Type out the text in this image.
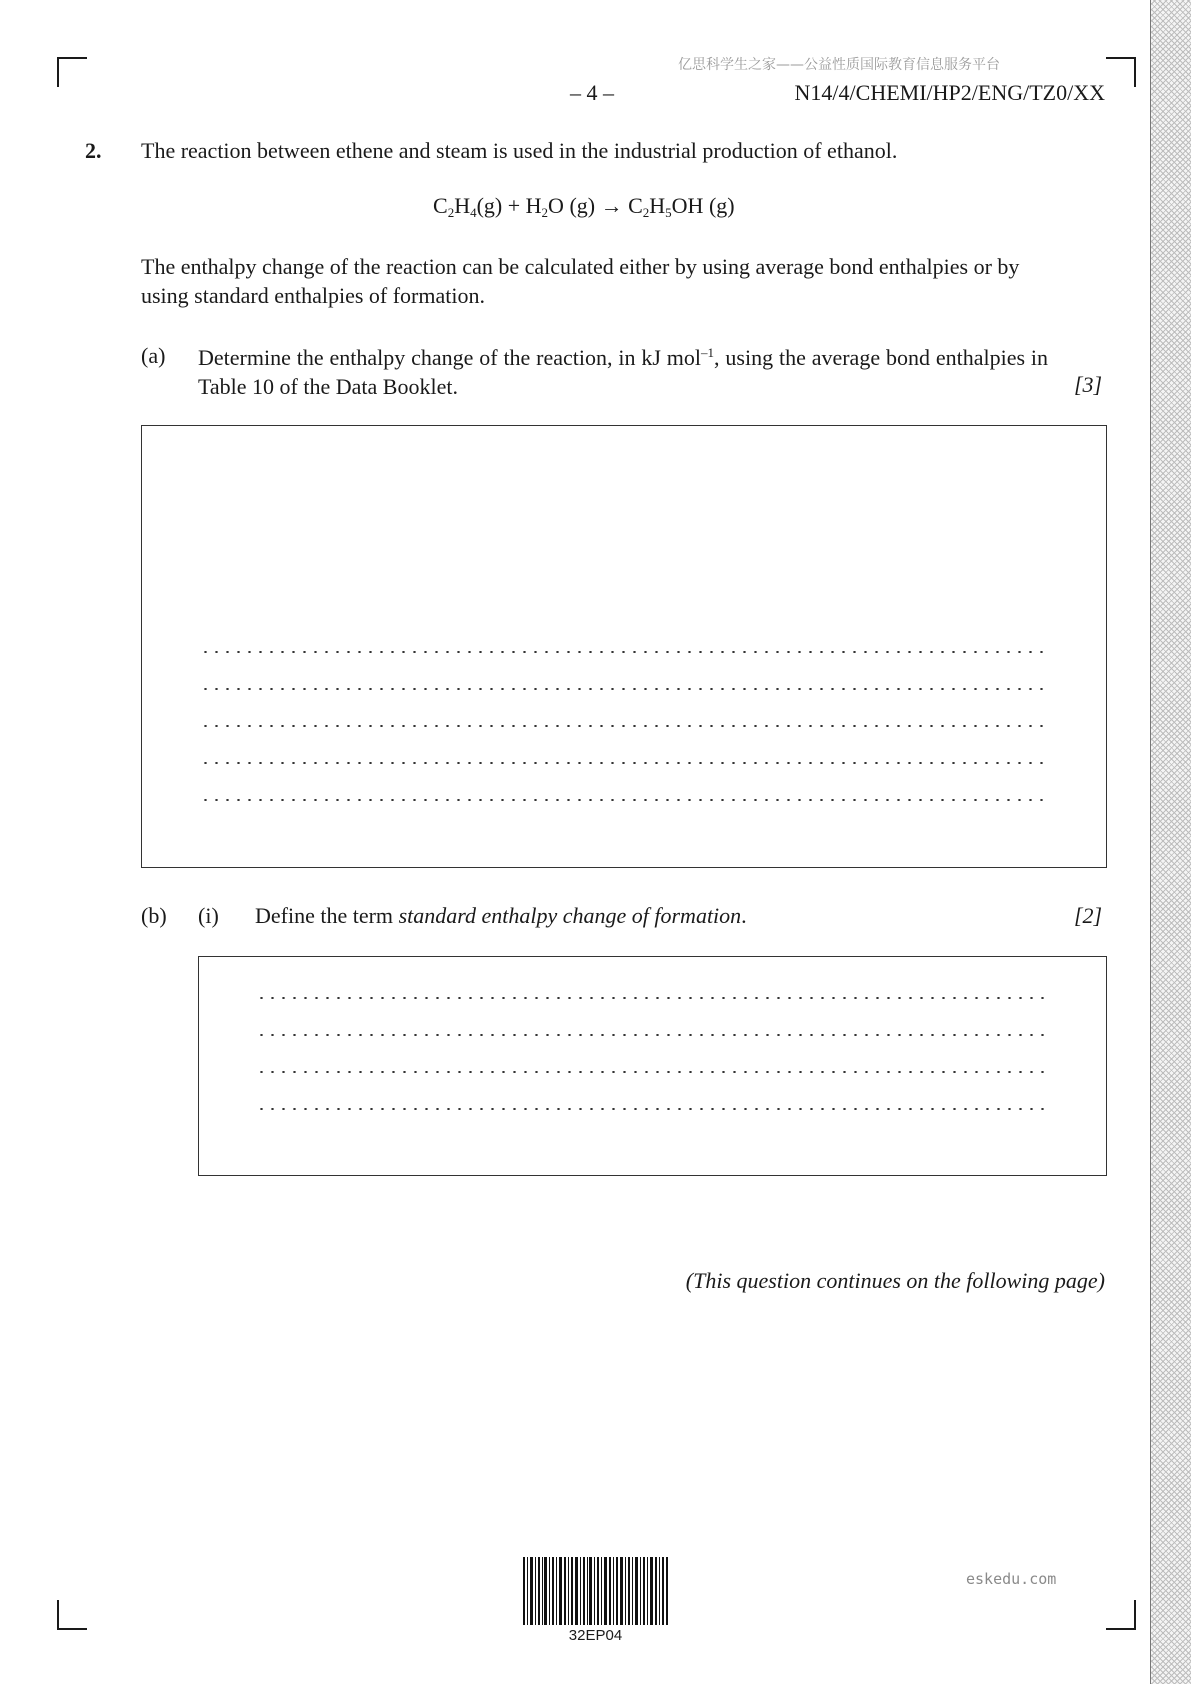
亿思科学生之家——公益性质国际教育信息服务平台
– 4 –	N14/4/CHEMI/HP2/ENG/TZ0/XX
2. The reaction between ethene and steam is used in the industrial production of ethanol.
$C_2H_4(g) + H_2O$ $(g) \to C_2H_5OH$ (g)
The enthalpy change of the reaction can be calculated either by using average bond enthalpies or by using standard enthalpies of formation.
(a) Determine the enthalpy change of the reaction, in kJ mol$^{-1}$, using the average bond enthalpies in Table 10 of the Data Booklet.	[3]
(b) (i) Define the term standard enthalpy change of formation.	[2]
(This question continues on the following page)
32EP04
eskedu.com
